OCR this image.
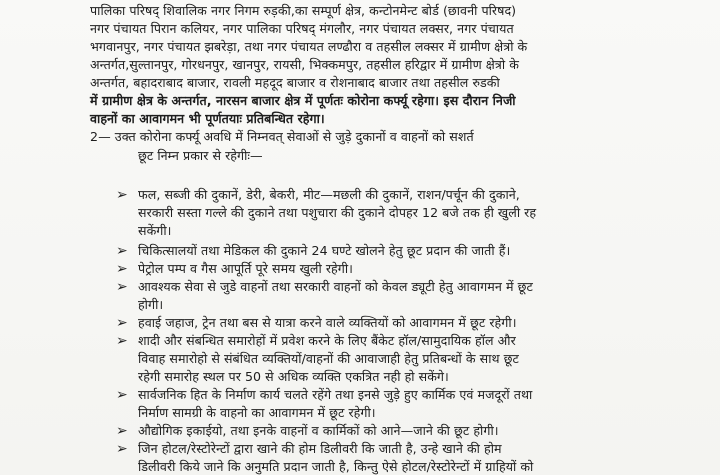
पालिका परिषद् शिवालिक नगर निगम रुड़की,का सम्पूर्ण क्षेत्र, कन्टोनमेन्ट बोर्ड (छावनी परिषद)
नगर पंचायत पिरान कलियर, नगर पालिका परिषद् मंगलौर, नगर पंचायत लक्सर, नगर पंचायत
भगवानपुर, नगर पंचायत झबरेड़ा, तथा नगर पंचायत लण्ढौरा व तहसील लक्सर में ग्रामीण क्षेत्रो के
अन्तर्गत,सुल्तानपुर, गोरधनपुर, खानपुर, रायसी, भिक्कमपुर, तहसील हरिद्वार में ग्रामीण क्षेत्रो के
अन्तर्गत, बहादराबाद बाजार, रावली महदूद बाजार व रोशनाबाद बाजार तथा तहसील रुडकी
में ग्रामीण क्षेत्र के अन्तर्गत, नारसन बाजार क्षेत्र में पूर्णतः कोरोना कर्फ्यू रहेगा। इस दौरान निजी
वाहनों का आवागमन भी पूर्णतयाः प्रतिबन्धित रहेगा।
2— उक्त कोरोना कर्फ्यू अवधि में निम्नवत् सेवाओं से जुड़े दुकानों व वाहनों को सशर्त
छूट निम्न प्रकार से रहेगीः—
➢ फल, सब्जी की दुकानें, डेरी, बेकरी, मीट—मछली की दुकानें, राशन/पर्चून की दुकाने,
सरकारी सस्ता गल्ले की दुकाने तथा पशुचारा की दुकाने दोपहर 12 बजे तक ही खुली रह
सकेंगी।
➢ चिकित्सालयों तथा मेडिकल की दुकाने 24 घण्टे खोलने हेतु छूट प्रदान की जाती हैं।
➢ पेट्रोल पम्प व गैस आपूर्ति पूरे समय खुली रहेगी।
➢ आवश्यक सेवा से जुडे वाहनों तथा सरकारी वाहनों को केवल ड्यूटी हेतु आवागमन में छूट
होगी।
➢ हवाई जहाज, ट्रेन तथा बस से यात्रा करने वाले व्यक्तियों को आवागमन में छूट रहेगी।
➢ शादी और संबन्धित समारोहों में प्रवेश करने के लिए बैंकेट हॉल/सामुदायिक हॉल और
विवाह समारोहो से संबंधित व्यक्तियों/वाहनों की आवाजाही हेतु प्रतिबन्धों के साथ छूट
रहेगी समारोह स्थल पर 50 से अधिक व्यक्ति एकत्रित नही हो सकेंगे।
➢ सार्वजनिक हित के निर्माण कार्य चलते रहेंगे तथा इनसे जुड़े हुए कार्मिक एवं मजदूरों तथा
निर्माण सामग्री के वाहनो का आवागमन में छूट रहेगी।
➢ औद्योगिक इकाईयो, तथा इनके वाहनों व कार्मिकों को आने—जाने की छूट होगी।
➢ जिन होटल/रेस्टोरेन्टों द्वारा खाने की होम डिलीवरी कि जाती है, उन्हे खाने की होम
डिलीवरी किये जाने कि अनुमति प्रदान जाती है, किन्तु ऐसे होटल/रेस्टोरेन्टों में ग्राहियों को
